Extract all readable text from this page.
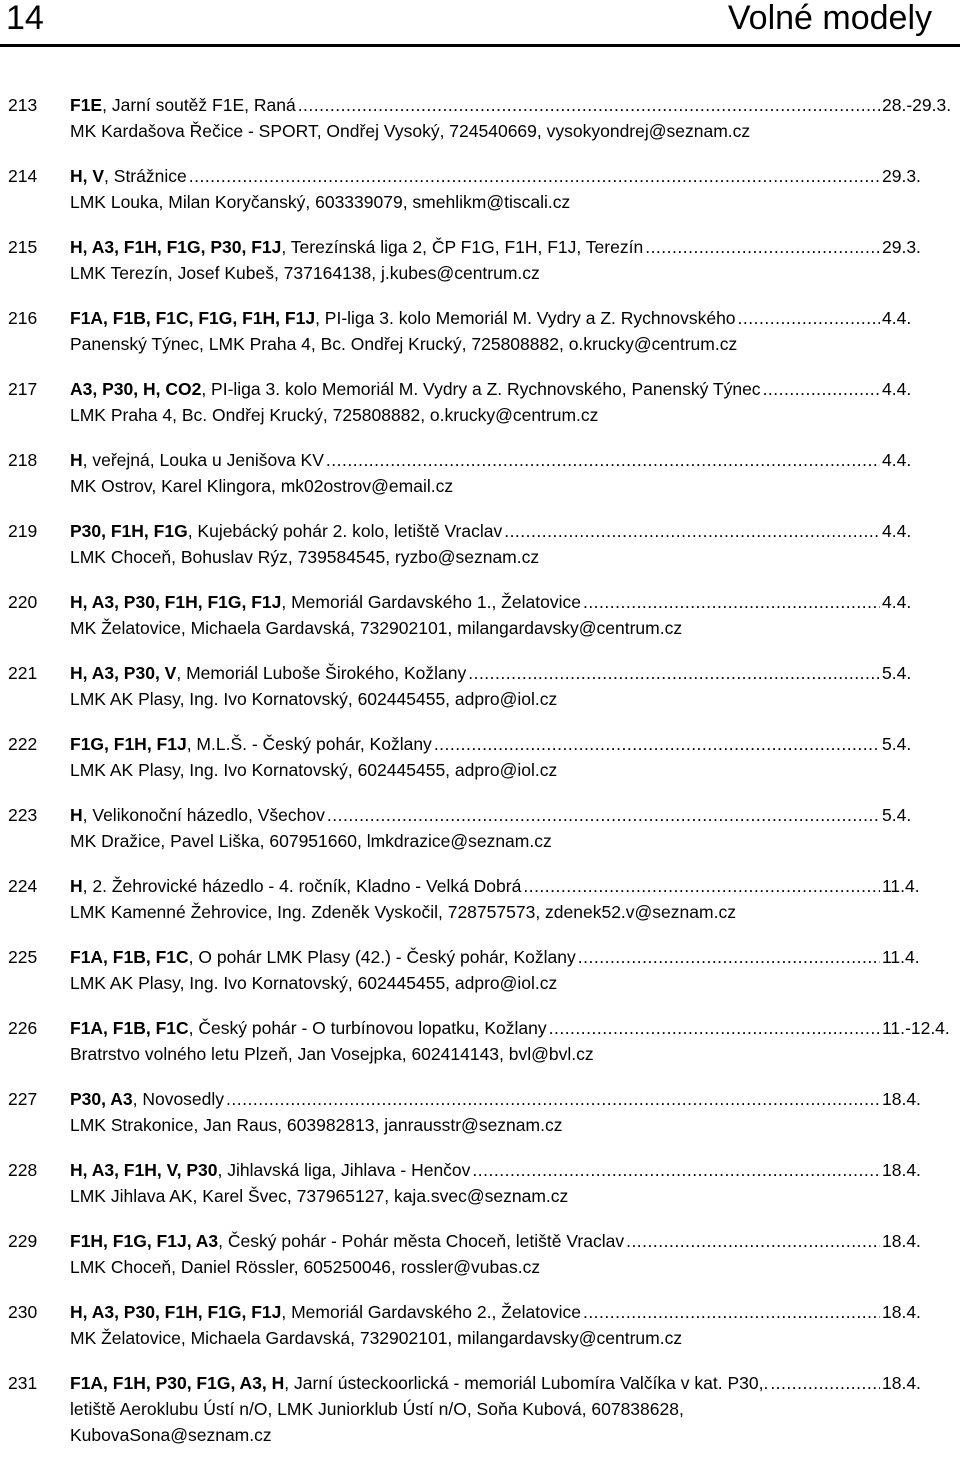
14	Volné modely
213	F1E, Jarní soutěž F1E, Raná .....	28.-29.3.
MK Kardašova Řečice - SPORT, Ondřej Vysoký, 724540669, vysokyondrej@seznam.cz
214	H, V, Strážnice .....	29.3.
LMK Louka, Milan Koryčanský, 603339079, smehlikm@tiscali.cz
215	H, A3, F1H, F1G, P30, F1J, Terezínská liga 2, ČP F1G, F1H, F1J, Terezín .....	29.3.
LMK Terezín, Josef Kubeš, 737164138, j.kubes@centrum.cz
216	F1A, F1B, F1C, F1G, F1H, F1J, PI-liga 3. kolo Memoriál M. Vydry a Z. Rychnovského .....	4.4.
Panenský Týnec, LMK Praha 4, Bc. Ondřej Krucký, 725808882, o.krucky@centrum.cz
217	A3, P30, H, CO2, PI-liga 3. kolo Memoriál M. Vydry a Z. Rychnovského, Panenský Týnec .....	4.4.
LMK Praha 4, Bc. Ondřej Krucký, 725808882, o.krucky@centrum.cz
218	H, veřejná, Louka u Jenišova KV .....	4.4.
MK Ostrov, Karel Klingora, mk02ostrov@email.cz
219	P30, F1H, F1G, Kujebácký pohár 2. kolo, letiště Vraclav .....	4.4.
LMK Choceň, Bohuslav Rýz, 739584545, ryzbo@seznam.cz
220	H, A3, P30, F1H, F1G, F1J, Memoriál Gardavského 1., Želatovice .....	4.4.
MK Želatovice, Michaela Gardavská, 732902101, milangardavsky@centrum.cz
221	H, A3, P30, V, Memoriál Luboše Širokého, Kožlany .....	5.4.
LMK AK Plasy, Ing. Ivo Kornatovský, 602445455, adpro@iol.cz
222	F1G, F1H, F1J, M.L.Š. - Český pohár, Kožlany .....	5.4.
LMK AK Plasy, Ing. Ivo Kornatovský, 602445455, adpro@iol.cz
223	H, Velikonoční házedlo, Všechov .....	5.4.
MK Dražice, Pavel Liška, 607951660, lmkdrazice@seznam.cz
224	H, 2. Žehrovické házedlo - 4. ročník, Kladno - Velká Dobrá .....	11.4.
LMK Kamenné Žehrovice, Ing. Zdeněk Vyskočil, 728757573, zdenek52.v@seznam.cz
225	F1A, F1B, F1C, O pohár LMK Plasy (42.) - Český pohár, Kožlany .....	11.4.
LMK AK Plasy, Ing. Ivo Kornatovský, 602445455, adpro@iol.cz
226	F1A, F1B, F1C, Český pohár - O turbínovou lopatku, Kožlany .....	11.-12.4.
Bratrstvo volného letu Plzeň, Jan Vosejpka, 602414143, bvl@bvl.cz
227	P30, A3, Novosedly .....	18.4.
LMK Strakonice, Jan Raus, 603982813, janrausstr@seznam.cz
228	H, A3, F1H, V, P30, Jihlavská liga, Jihlava - Henčov .....	18.4.
LMK Jihlava AK, Karel Švec, 737965127, kaja.svec@seznam.cz
229	F1H, F1G, F1J, A3, Český pohár - Pohár města Choceň, letiště Vraclav .....	18.4.
LMK Choceň, Daniel Rössler, 605250046, rossler@vubas.cz
230	H, A3, P30, F1H, F1G, F1J, Memoriál Gardavského 2., Želatovice .....	18.4.
MK Želatovice, Michaela Gardavská, 732902101, milangardavsky@centrum.cz
231	F1A, F1H, P30, F1G, A3, H, Jarní ústeckoorlická - memoriál Lubomíra Valčíka v kat. P30,. .....	18.4.
letiště Aeroklubu Ústí n/O, LMK Juniorklub Ústí n/O, Soňa Kubová, 607838628,
KubovaSona@seznam.cz
